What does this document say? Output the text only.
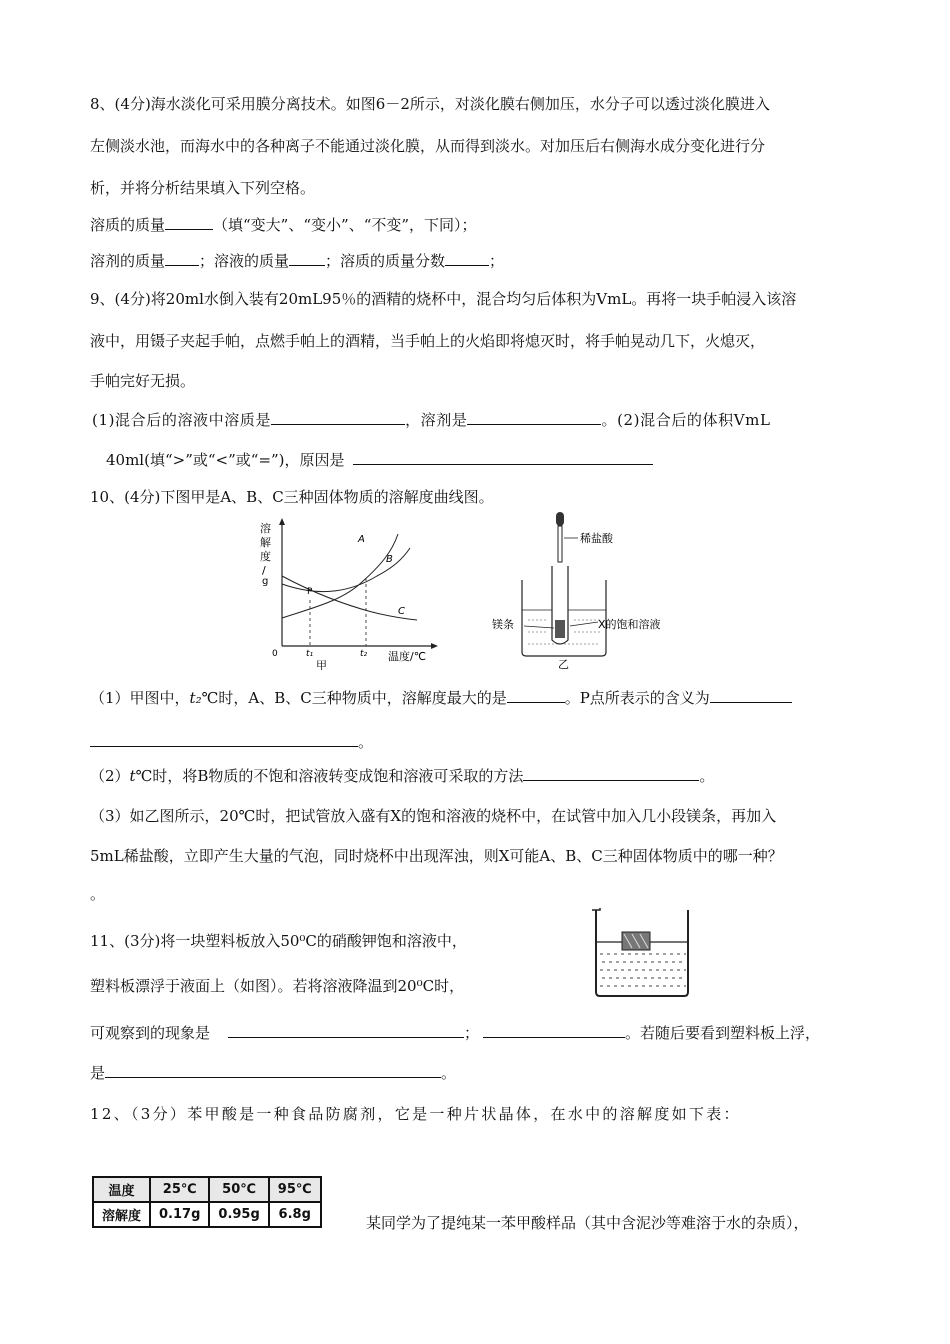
8、(4分)海水淡化可采用膜分离技术。如图6－2所示，对淡化膜右侧加压，水分子可以透过淡化膜进入
左侧淡水池，而海水中的各种离子不能通过淡化膜，从而得到淡水。对加压后右侧海水成分变化进行分
析，并将分析结果填入下列空格。
溶质的质量	（填“变大”、“变小”、“不变”，下同）；
溶剂的质量 ；溶液的质量 ；溶质的质量分数	；
9、(4分)将20ml水倒入装有20mL95％的酒精的烧杯中，混合均匀后体积为VmL。再将一块手帕浸入该溶
液中，用镊子夹起手帕，点燃手帕上的酒精，当手帕上的火焰即将熄灭时，将手帕晃动几下，火熄灭，
手帕完好无损。
(1)混合后的溶液中溶质是	，溶剂是	。(2)混合后的体积VmL
40ml(填“>”或“<”或“=”)，原因是
10、(4分)下图甲是A、B、C三种固体物质的溶解度曲线图。
溶
解
度
/
g
A
B
C
P
0	t₁	t₂ 温度/℃
甲
稀盐酸
镁条	X的饱和溶液
乙
（1）甲图中，t₂℃时，A、B、C三种物质中，溶解度最大的是	。P点所表示的含义为
。
（2）t℃时，将B物质的不饱和溶液转变成饱和溶液可采取的方法	。
（3）如乙图所示，20℃时，把试管放入盛有X的饱和溶液的烧杯中，在试管中加入几小段镁条，再加入
5mL稀盐酸，立即产生大量的气泡，同时烧杯中出现浑浊，则X可能A、B、C三种固体物质中的哪一种？
。
11、(3分)将一块塑料板放入50⁰C的硝酸钾饱和溶液中，
塑料板漂浮于液面上（如图）。若将溶液降温到20⁰C时，
可观察到的现象是	；	。若随后要看到塑料板上浮，
是	。
12、（3分）苯甲酸是一种食品防腐剂，它是一种片状晶体，在水中的溶解度如下表：
温度	25℃	50℃	95℃
溶解度	0.17g	0.95g	6.8g	某同学为了提纯某一苯甲酸样品（其中含泥沙等难溶于水的杂质），
